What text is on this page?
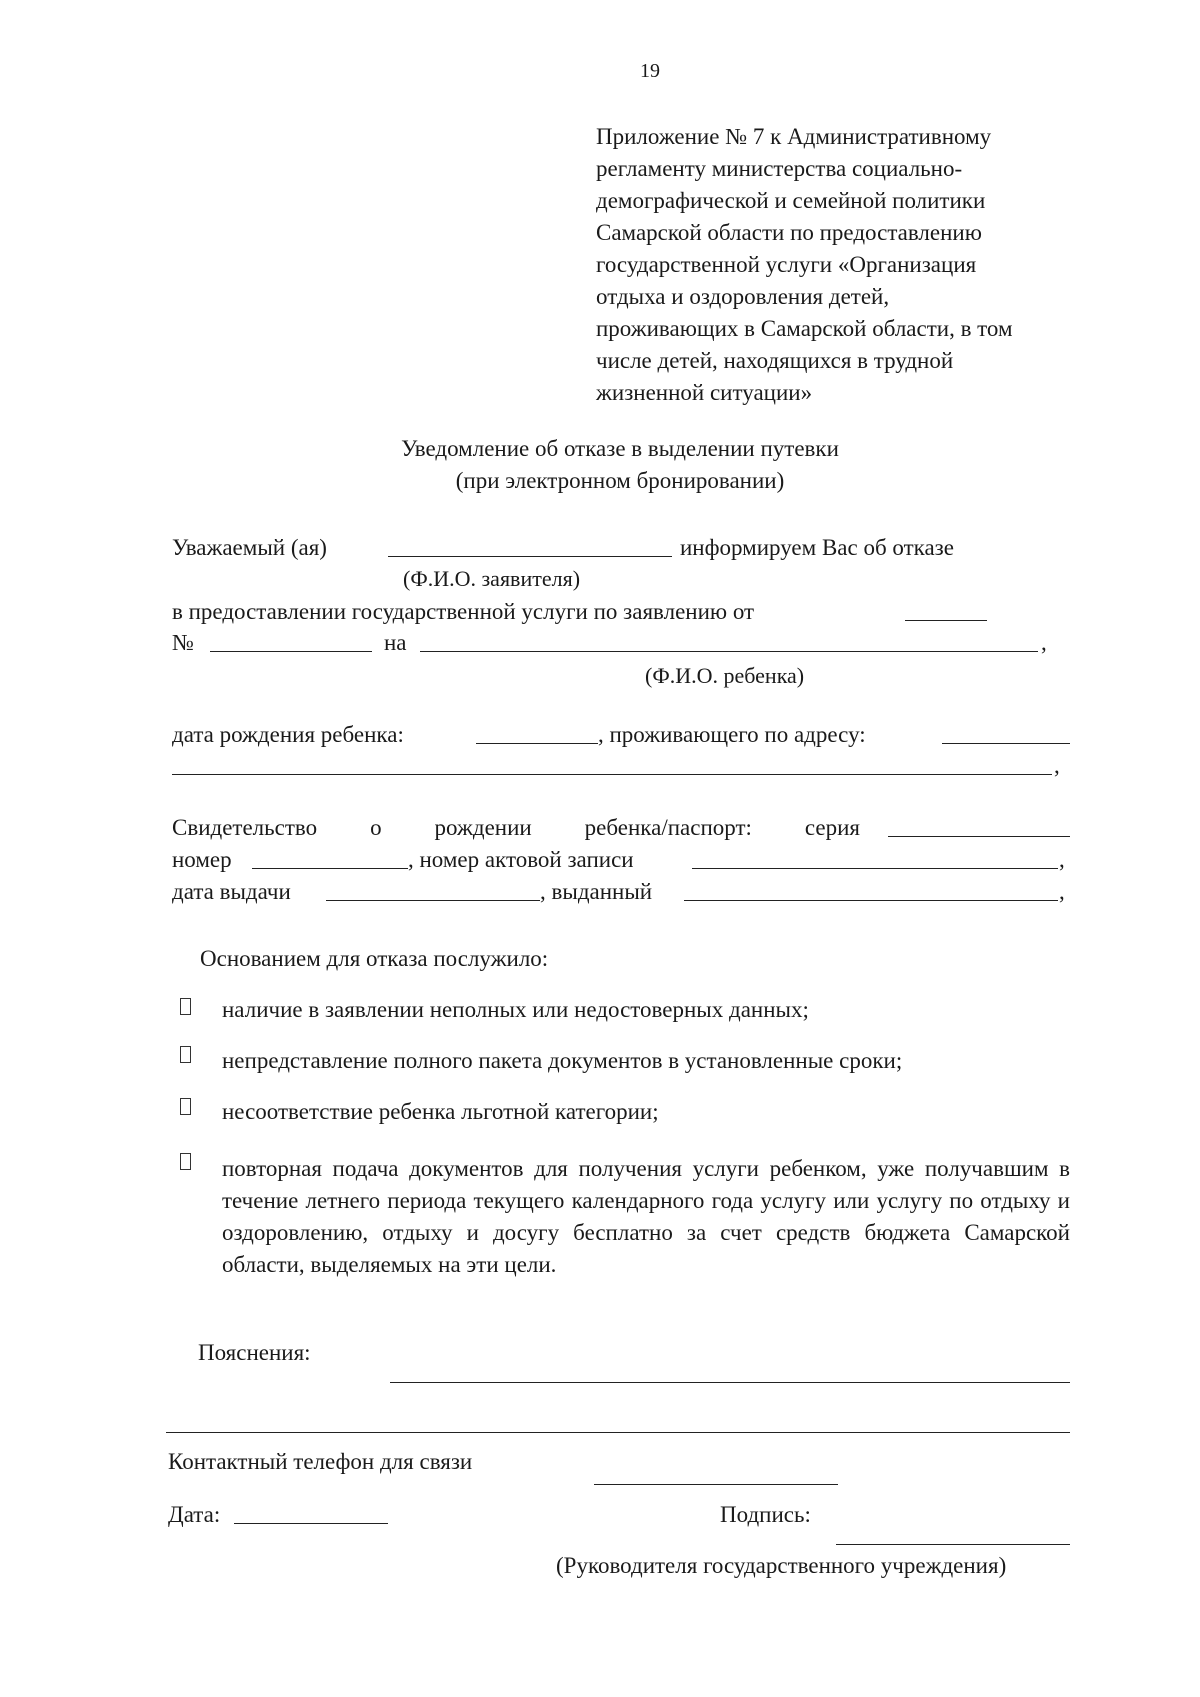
19
Приложение № 7 к Административному
регламенту министерства социально-
демографической и семейной политики
Самарской области по предоставлению
государственной услуги «Организация
отдыха и оздоровления детей,
проживающих в Самарской области, в том
числе детей, находящихся в трудной
жизненной ситуации»
Уведомление об отказе в выделении путевки
(при электронном бронировании)
Уважаемый (ая)	информируем Вас об отказе
(Ф.И.О. заявителя)
в предоставлении государственной услуги по заявлению от
№	на	,
(Ф.И.О. ребенка)
дата рождения ребенка:	, проживающего по адресу:
,
Свидетельство о рождении ребенка/паспорт: серия
номер	, номер актовой записи	,
дата выдачи	, выданный	,
Основанием для отказа послужило:
наличие в заявлении неполных или недостоверных данных;
непредставление полного пакета документов в установленные сроки;
несоответствие ребенка льготной категории;
повторная подача документов для получения услуги ребенком, уже получавшим в течение летнего периода текущего календарного года услугу или услугу по отдыху и оздоровлению, отдыху и досугу бесплатно за счет средств бюджета Самарской области, выделяемых на эти цели.
Пояснения:
Контактный телефон для связи
Дата:	Подпись:
(Руководителя государственного учреждения)
